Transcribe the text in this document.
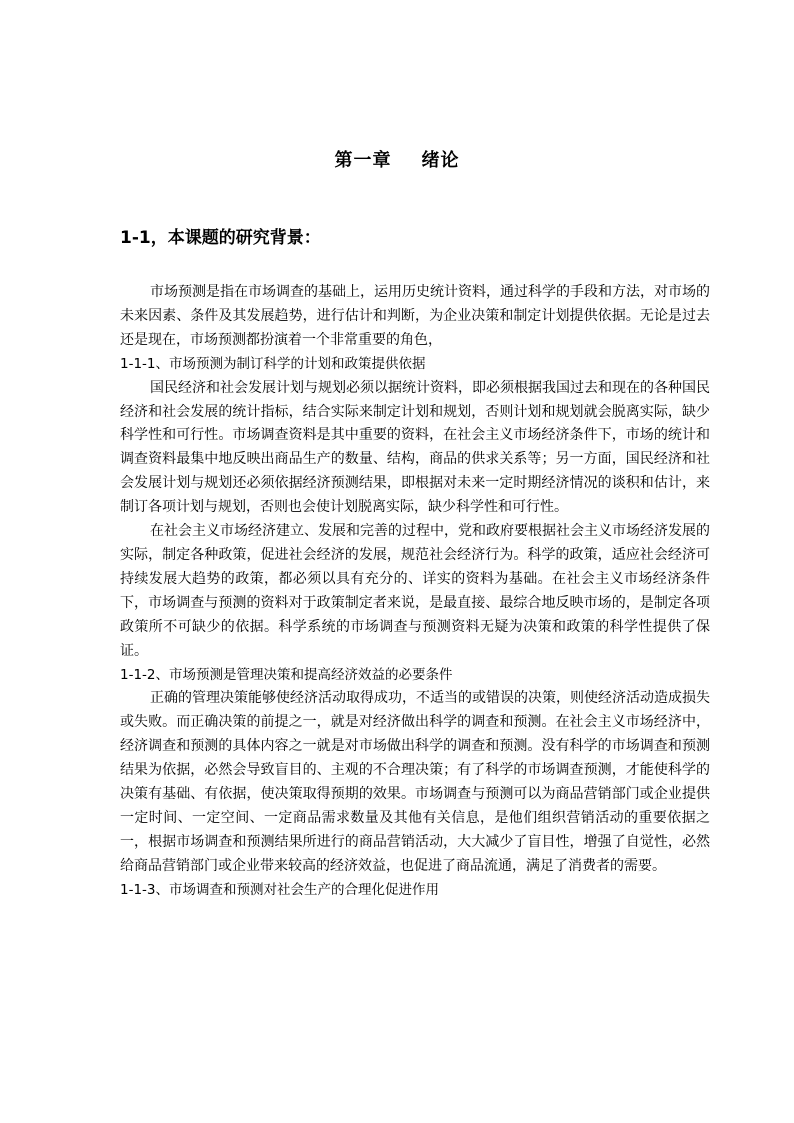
第一章 绪论
1-1，本课题的研究背景：

市场预测是指在市场调查的基础上，运用历史统计资料，通过科学的手段和方法，对市场的未来因素、条件及其发展趋势，进行估计和判断，为企业决策和制定计划提供依据。无论是过去还是现在，市场预测都扮演着一个非常重要的角色，

1-1-1、市场预测为制订科学的计划和政策提供依据

国民经济和社会发展计划与规划必须以据统计资料，即必须根据我国过去和现在的各种国民经济和社会发展的统计指标，结合实际来制定计划和规划，否则计划和规划就会脱离实际，缺少科学性和可行性。市场调查资料是其中重要的资料，在社会主义市场经济条件下，市场的统计和调查资料最集中地反映出商品生产的数量、结构，商品的供求关系等；另一方面，国民经济和社会发展计划与规划还必须依据经济预测结果，即根据对未来一定时期经济情况的谈积和估计，来制订各项计划与规划，否则也会使计划脱离实际，缺少科学性和可行性。

在社会主义市场经济建立、发展和完善的过程中，党和政府要根据社会主义市场经济发展的实际，制定各种政策，促进社会经济的发展，规范社会经济行为。科学的政策，适应社会经济可持续发展大趋势的政策，都必须以具有充分的、详实的资料为基础。在社会主义市场经济条件下，市场调查与预测的资料对于政策制定者来说，是最直接、最综合地反映市场的，是制定各项政策所不可缺少的依据。科学系统的市场调查与预测资料无疑为决策和政策的科学性提供了保证。

1-1-2、市场预测是管理决策和提高经济效益的必要条件

正确的管理决策能够使经济活动取得成功，不适当的或错误的决策，则使经济活动造成损失或失败。而正确决策的前提之一，就是对经济做出科学的调查和预测。在社会主义市场经济中，经济调查和预测的具体内容之一就是对市场做出科学的调查和预测。没有科学的市场调查和预测结果为依据，必然会导致盲目的、主观的不合理决策；有了科学的市场调查预测，才能使科学的决策有基础、有依据，使决策取得预期的效果。市场调查与预测可以为商品营销部门或企业提供一定时间、一定空间、一定商品需求数量及其他有关信息，是他们组织营销活动的重要依据之一，根据市场调查和预测结果所进行的商品营销活动，大大减少了盲目性，增强了自觉性，必然给商品营销部门或企业带来较高的经济效益，也促进了商品流通，满足了消费者的需要。

1-1-3、市场调查和预测对社会生产的合理化促进作用
